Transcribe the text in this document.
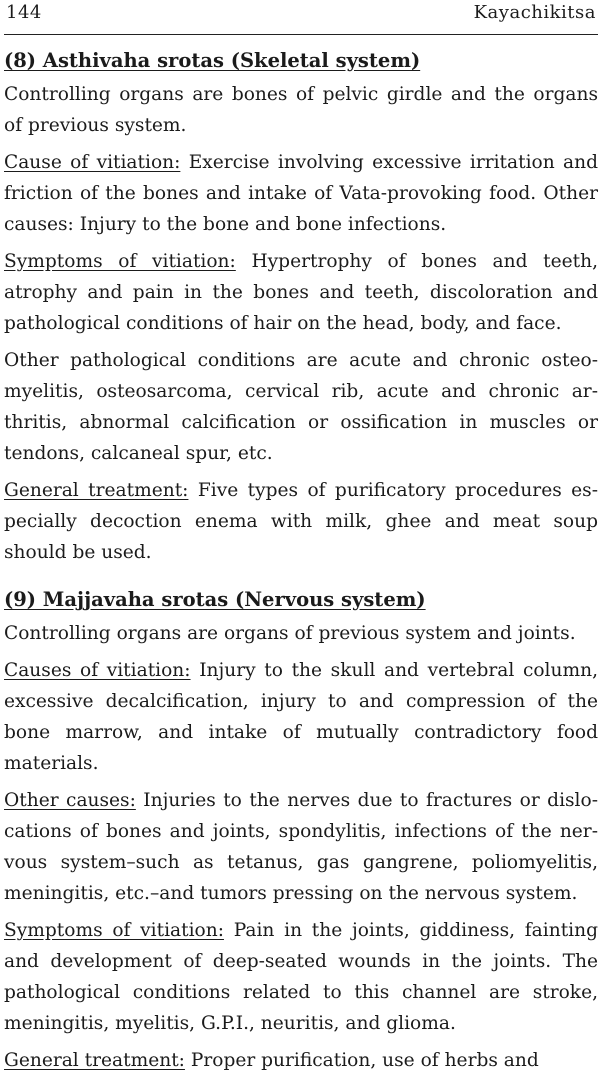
144	Kayachikitsa
(8) Asthivaha srotas (Skeletal system)

Controlling organs are bones of pelvic girdle and the organs of previous system.

Cause of vitiation: Exercise involving excessive irritation and friction of the bones and intake of Vata-provoking food. Other causes: Injury to the bone and bone infections.

Symptoms of vitiation: Hypertrophy of bones and teeth, atrophy and pain in the bones and teeth, discoloration and pathological conditions of hair on the head, body, and face.

Other pathological conditions are acute and chronic osteomyelitis, osteosarcoma, cervical rib, acute and chronic arthritis, abnormal calcification or ossification in muscles or tendons, calcaneal spur, etc.

General treatment: Five types of purificatory procedures especially decoction enema with milk, ghee and meat soup should be used.

(9) Majjavaha srotas (Nervous system)

Controlling organs are organs of previous system and joints.

Causes of vitiation: Injury to the skull and vertebral column, excessive decalcification, injury to and compression of the bone marrow, and intake of mutually contradictory food materials.

Other causes: Injuries to the nerves due to fractures or dislocations of bones and joints, spondylitis, infections of the nervous system–such as tetanus, gas gangrene, poliomyelitis, meningitis, etc.–and tumors pressing on the nervous system.

Symptoms of vitiation: Pain in the joints, giddiness, fainting and development of deep-seated wounds in the joints. The pathological conditions related to this channel are stroke, meningitis, myelitis, G.P.I., neuritis, and glioma.

General treatment: Proper purification, use of herbs and
